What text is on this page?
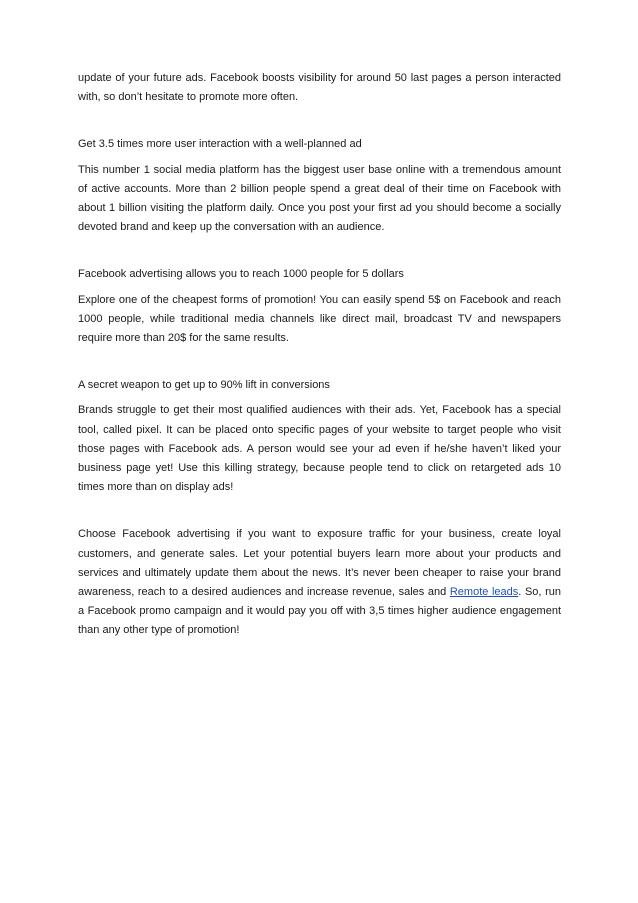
update of your future ads. Facebook boosts visibility for around 50 last pages a person interacted with, so don’t hesitate to promote more often.

Get 3.5 times more user interaction with a well-planned ad

This number 1 social media platform has the biggest user base online with a tremendous amount of active accounts. More than 2 billion people spend a great deal of their time on Facebook with about 1 billion visiting the platform daily. Once you post your first ad you should become a socially devoted brand and keep up the conversation with an audience.

Facebook advertising allows you to reach 1000 people for 5 dollars

Explore one of the cheapest forms of promotion! You can easily spend 5$ on Facebook and reach 1000 people, while traditional media channels like direct mail, broadcast TV and newspapers require more than 20$ for the same results.

A secret weapon to get up to 90% lift in conversions

Brands struggle to get their most qualified audiences with their ads. Yet, Facebook has a special tool, called pixel. It can be placed onto specific pages of your website to target people who visit those pages with Facebook ads. A person would see your ad even if he/she haven’t liked your business page yet! Use this killing strategy, because people tend to click on retargeted ads 10 times more than on display ads!

Choose Facebook advertising if you want to exposure traffic for your business, create loyal customers, and generate sales. Let your potential buyers learn more about your products and services and ultimately update them about the news. It’s never been cheaper to raise your brand awareness, reach to a desired audiences and increase revenue, sales and Remote leads. So, run a Facebook promo campaign and it would pay you off with 3,5 times higher audience engagement than any other type of promotion!
